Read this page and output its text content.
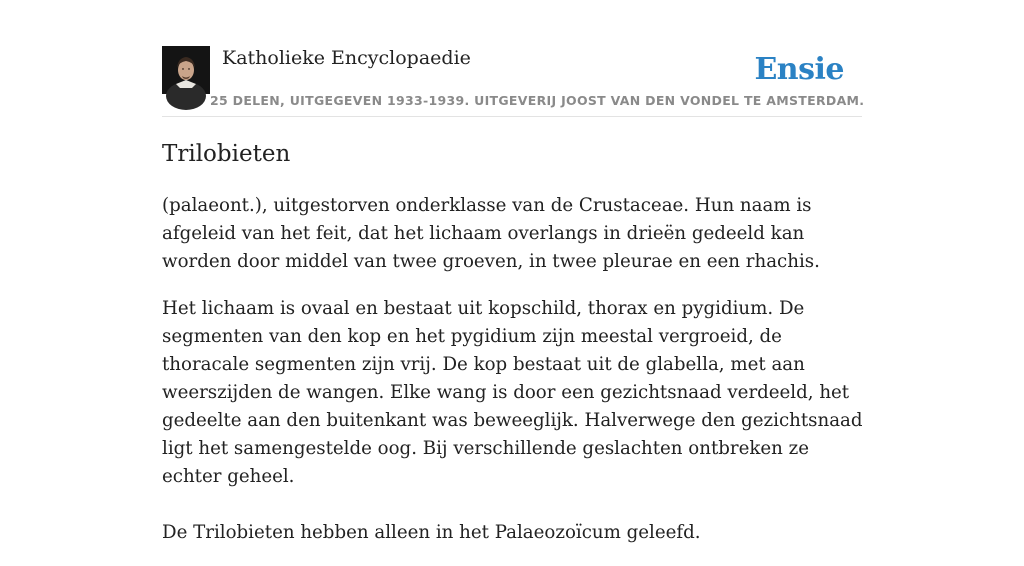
Katholieke Encyclopaedie
25 DELEN, UITGEGEVEN 1933-1939. UITGEVERIJ JOOST VAN DEN VONDEL TE AMSTERDAM.
Ensie
Trilobieten

(palaeont.), uitgestorven onderklasse van de Crustaceae. Hun naam is afgeleid van het feit, dat het lichaam overlangs in drieën gedeeld kan worden door middel van twee groeven, in twee pleurae en een rhachis.

Het lichaam is ovaal en bestaat uit kopschild, thorax en pygidium. De segmenten van den kop en het pygidium zijn meestal vergroeid, de thoracale segmenten zijn vrij. De kop bestaat uit de glabella, met aan weerszijden de wangen. Elke wang is door een gezichtsnaad verdeeld, het gedeelte aan den buitenkant was beweeglijk. Halverwege den gezichtsnaad ligt het samengestelde oog. Bij verschillende geslachten ontbreken ze echter geheel.

De Trilobieten hebben alleen in het Palaeozoïcum geleefd.
